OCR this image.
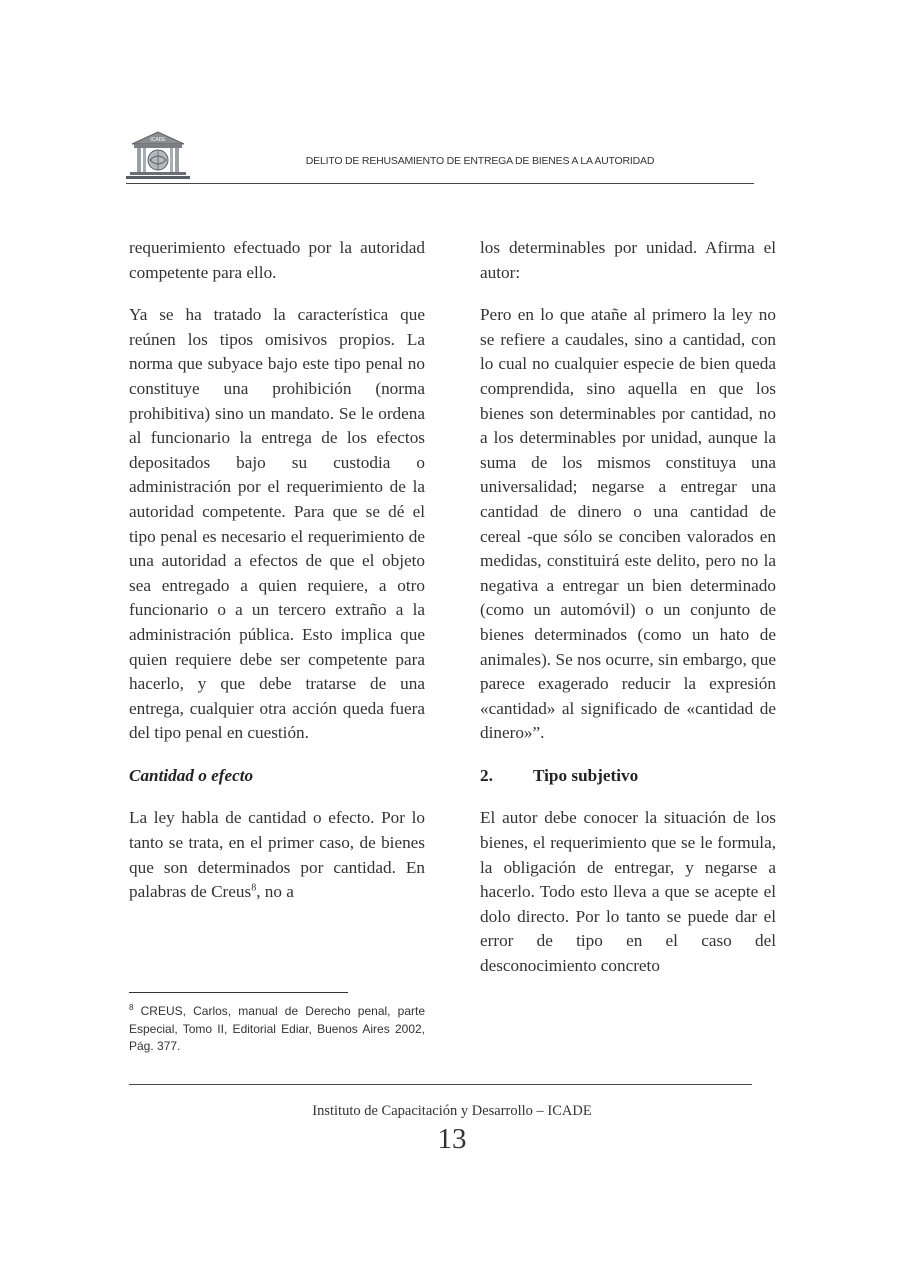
ICADE
DELITO DE REHUSAMIENTO DE ENTREGA DE BIENES A LA AUTORIDAD

requerimiento efectuado por la autoridad competente para ello.

Ya se ha tratado la característica que reúnen los tipos omisivos propios. La norma que subyace bajo este tipo penal no constituye una prohibición (norma prohibitiva) sino un mandato. Se le ordena al funcionario la entrega de los efectos depositados bajo su custodia o administración por el requerimiento de la autoridad competente. Para que se dé el tipo penal es necesario el requerimiento de una autoridad a efectos de que el objeto sea entregado a quien requiere, a otro funcionario o a un tercero extraño a la administración pública. Esto implica que quien requiere debe ser competente para hacerlo, y que debe tratarse de una entrega, cualquier otra acción queda fuera del tipo penal en cuestión.

Cantidad o efecto

La ley habla de cantidad o efecto. Por lo tanto se trata, en el primer caso, de bienes que son determinados por cantidad. En palabras de Creus$^8$, no a

los determinables por unidad. Afirma el autor:

Pero en lo que atañe al primero la ley no se refiere a caudales, sino a cantidad, con lo cual no cualquier especie de bien queda comprendida, sino aquella en que los bienes son determinables por cantidad, no a los determinables por unidad, aunque la suma de los mismos constituya una universalidad; negarse a entregar una cantidad de dinero o una cantidad de cereal -que sólo se conciben valorados en medidas, constituirá este delito, pero no la negativa a entregar un bien determinado (como un automóvil) o un conjunto de bienes determinados (como un hato de animales). Se nos ocurre, sin embargo, que parece exagerado reducir la expresión «cantidad» al significado de «cantidad de dinero»”.

2.	Tipo subjetivo

El autor debe conocer la situación de los bienes, el requerimiento que se le formula, la obligación de entregar, y negarse a hacerlo. Todo esto lleva a que se acepte el dolo directo. Por lo tanto se puede dar el error de tipo en el caso del desconocimiento concreto

$^8$ CREUS, Carlos, manual de Derecho penal, parte Especial, Tomo II, Editorial Ediar, Buenos Aires 2002, Pág. 377.
Instituto de Capacitación y Desarrollo – ICADE
13
